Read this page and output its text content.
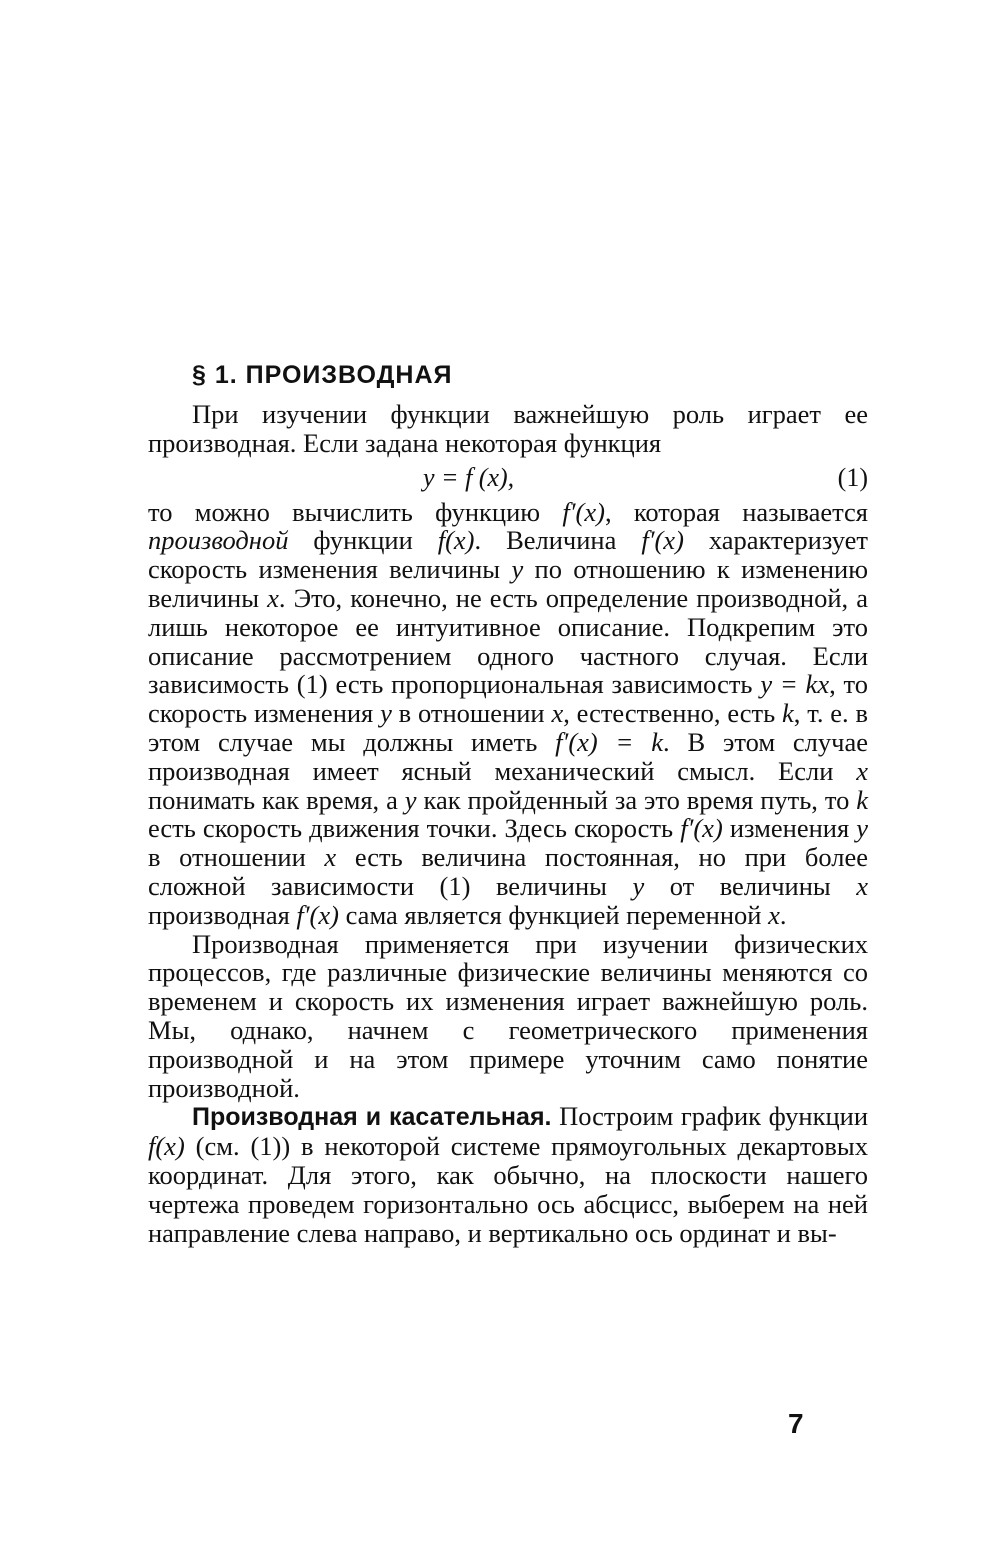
§ 1. ПРОИЗВОДНАЯ

При изучении функции важнейшую роль играет ее производная. Если задана некоторая функция

y = f (x),	(1)

то можно вычислить функцию f′(x), которая называется производной функции f(x). Величина f′(x) характеризует скорость изменения величины y по отношению к изменению величины x. Это, конечно, не есть определение производной, а лишь некоторое ее интуитивное описание. Подкрепим это описание рассмотрением одного частного случая. Если зависимость (1) есть пропорциональная зависимость y = kx, то скорость изменения y в отношении x, естественно, есть k, т. е. в этом случае мы должны иметь f′(x) = k. В этом случае производная имеет ясный механический смысл. Если x понимать как время, а y как пройденный за это время путь, то k есть скорость движения точки. Здесь скорость f′(x) изменения y в отношении x есть величина постоянная, но при более сложной зависимости (1) величины y от величины x производная f′(x) сама является функцией переменной x.

Производная применяется при изучении физических процессов, где различные физические величины меняются со временем и скорость их изменения играет важнейшую роль. Мы, однако, начнем с геометрического применения производной и на этом примере уточним само понятие производной.

Производная и касательная. Построим график функции f(x) (см. (1)) в некоторой системе прямоугольных декартовых координат. Для этого, как обычно, на плоскости нашего чертежа проведем горизонтально ось абсцисс, выберем на ней направление слева направо, и вертикально ось ординат и вы-

7
